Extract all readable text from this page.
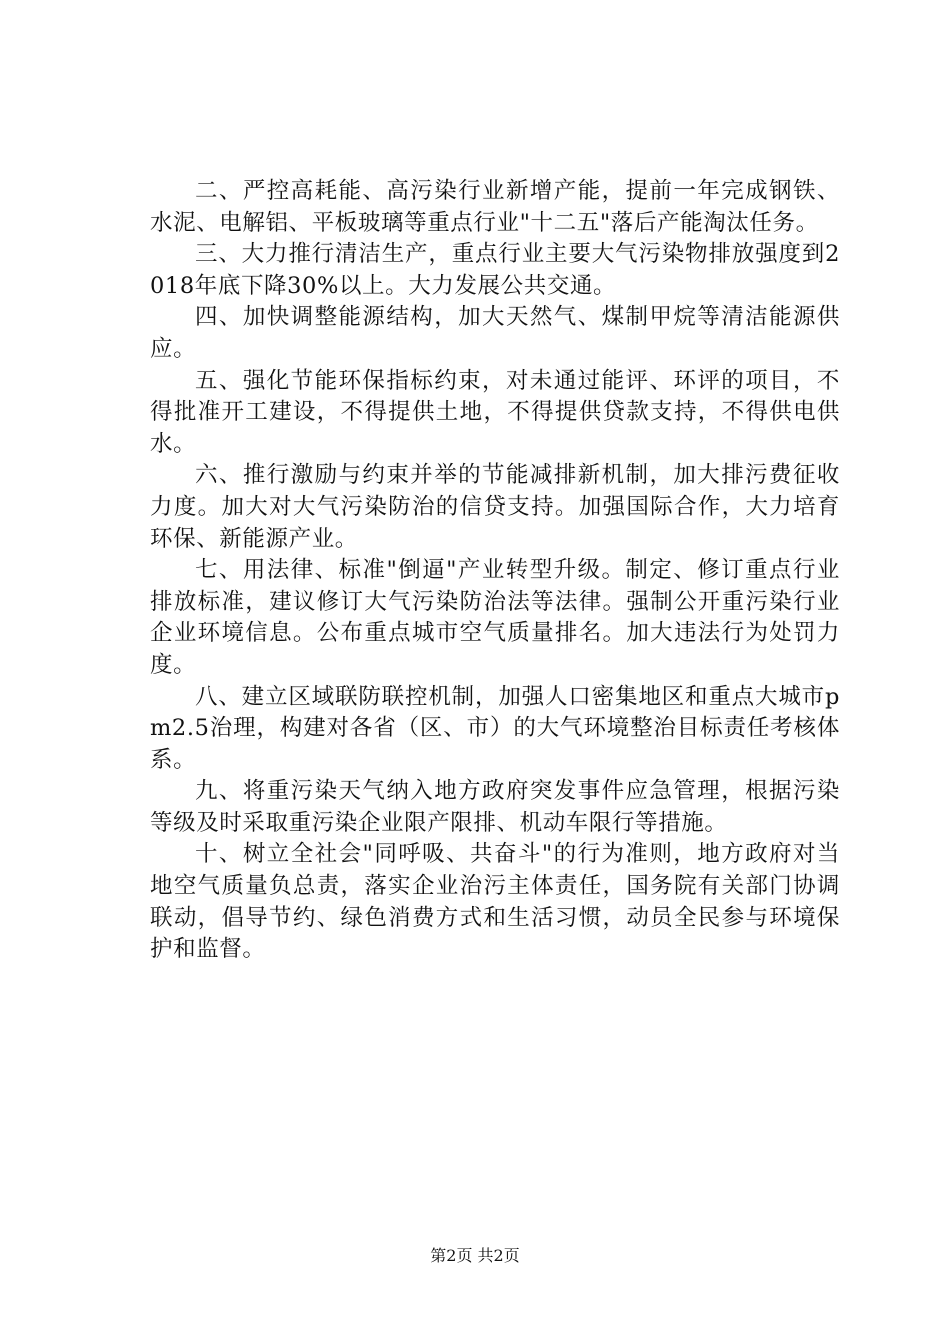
二、严控高耗能、高污染行业新增产能，提前一年完成钢铁、水泥、电解铝、平板玻璃等重点行业"十二五"落后产能淘汰任务。

三、大力推行清洁生产，重点行业主要大气污染物排放强度到2018年底下降30%以上。大力发展公共交通。

四、加快调整能源结构，加大天然气、煤制甲烷等清洁能源供应。

五、强化节能环保指标约束，对未通过能评、环评的项目，不得批准开工建设，不得提供土地，不得提供贷款支持，不得供电供水。

六、推行激励与约束并举的节能减排新机制，加大排污费征收力度。加大对大气污染防治的信贷支持。加强国际合作，大力培育环保、新能源产业。

七、用法律、标准"倒逼"产业转型升级。制定、修订重点行业排放标准，建议修订大气污染防治法等法律。强制公开重污染行业企业环境信息。公布重点城市空气质量排名。加大违法行为处罚力度。

八、建立区域联防联控机制，加强人口密集地区和重点大城市pm2.5治理，构建对各省（区、市）的大气环境整治目标责任考核体系。

九、将重污染天气纳入地方政府突发事件应急管理，根据污染等级及时采取重污染企业限产限排、机动车限行等措施。

十、树立全社会"同呼吸、共奋斗"的行为准则，地方政府对当地空气质量负总责，落实企业治污主体责任，国务院有关部门协调联动，倡导节约、绿色消费方式和生活习惯，动员全民参与环境保护和监督。

第2页 共2页
